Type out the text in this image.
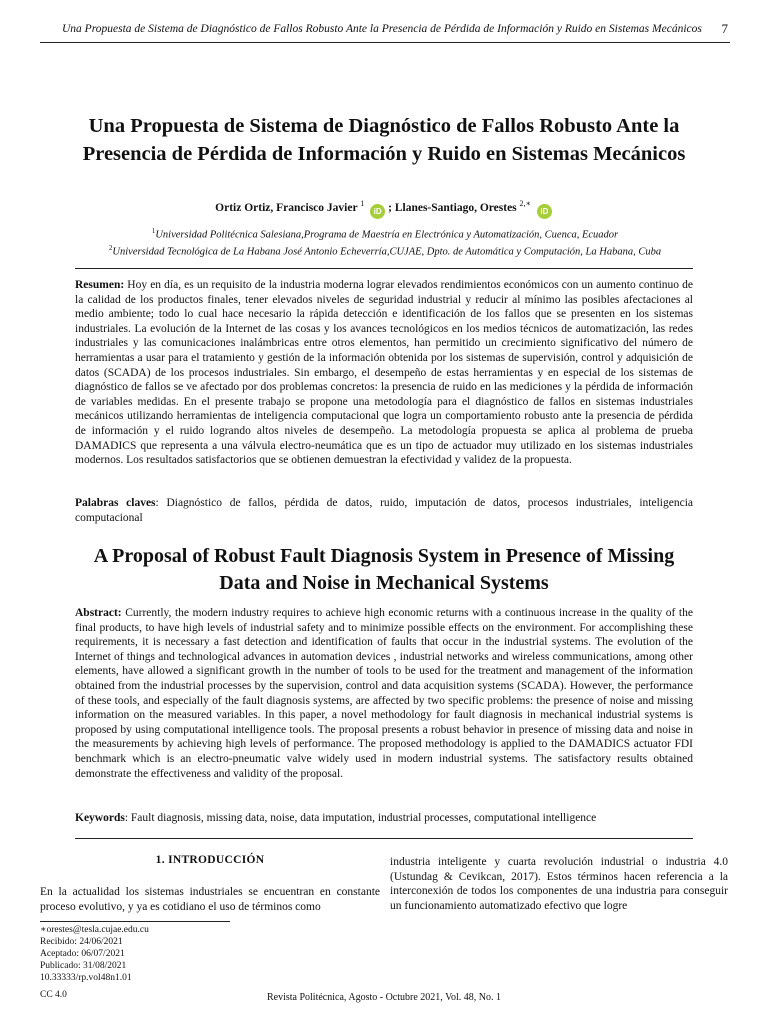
Una Propuesta de Sistema de Diagnóstico de Fallos Robusto Ante la Presencia de Pérdida de Información y Ruido en Sistemas Mecánicos 7
Una Propuesta de Sistema de Diagnóstico de Fallos Robusto Ante la Presencia de Pérdida de Información y Ruido en Sistemas Mecánicos
Ortiz Ortiz, Francisco Javier $^1$ iD ; Llanes-Santiago, Orestes $^{2,∗}$ iD
$^1$Universidad Politécnica Salesiana,Programa de Maestría en Electrónica y Automatización, Cuenca, Ecuador
$^2$Universidad Tecnológica de La Habana José Antonio Echeverría,CUJAE, Dpto. de Automática y Computación, La Habana, Cuba
Resumen: Hoy en día, es un requisito de la industria moderna lograr elevados rendimientos económicos con un aumento continuo de la calidad de los productos finales, tener elevados niveles de seguridad industrial y reducir al mínimo las posibles afectaciones al medio ambiente; todo lo cual hace necesario la rápida detección e identificación de los fallos que se presenten en los sistemas industriales. La evolución de la Internet de las cosas y los avances tecnológicos en los medios técnicos de automatización, las redes industriales y las comunicaciones inalámbricas entre otros elementos, han permitido un crecimiento significativo del número de herramientas a usar para el tratamiento y gestión de la información obtenida por los sistemas de supervisión, control y adquisición de datos (SCADA) de los procesos industriales. Sin embargo, el desempeño de estas herramientas y en especial de los sistemas de diagnóstico de fallos se ve afectado por dos problemas concretos: la presencia de ruido en las mediciones y la pérdida de información de variables medidas. En el presente trabajo se propone una metodología para el diagnóstico de fallos en sistemas industriales mecánicos utilizando herramientas de inteligencia computacional que logra un comportamiento robusto ante la presencia de pérdida de información y el ruido logrando altos niveles de desempeño. La metodología propuesta se aplica al problema de prueba DAMADICS que representa a una válvula electro-neumática que es un tipo de actuador muy utilizado en los sistemas industriales modernos. Los resultados satisfactorios que se obtienen demuestran la efectividad y validez de la propuesta.
Palabras claves: Diagnóstico de fallos, pérdida de datos, ruido, imputación de datos, procesos industriales, inteligencia computacional
A Proposal of Robust Fault Diagnosis System in Presence of Missing Data and Noise in Mechanical Systems
Abstract: Currently, the modern industry requires to achieve high economic returns with a continuous increase in the quality of the final products, to have high levels of industrial safety and to minimize possible effects on the environment. For accomplishing these requirements, it is necessary a fast detection and identification of faults that occur in the industrial systems. The evolution of the Internet of things and technological advances in automation devices , industrial networks and wireless communications, among other elements, have allowed a significant growth in the number of tools to be used for the treatment and management of the information obtained from the industrial processes by the supervision, control and data acquisition systems (SCADA). However, the performance of these tools, and especially of the fault diagnosis systems, are affected by two specific problems: the presence of noise and missing information on the measured variables. In this paper, a novel methodology for fault diagnosis in mechanical industrial systems is proposed by using computational intelligence tools. The proposal presents a robust behavior in presence of missing data and noise in the measurements by achieving high levels of performance. The proposed methodology is applied to the DAMADICS actuator FDI benchmark which is an electro-pneumatic valve widely used in modern industrial systems. The satisfactory results obtained demonstrate the effectiveness and validity of the proposal.
Keywords: Fault diagnosis, missing data, noise, data imputation, industrial processes, computational intelligence
1. INTRODUCCIÓN
En la actualidad los sistemas industriales se encuentran en constante proceso evolutivo, y ya es cotidiano el uso de términos como
industria inteligente y cuarta revolución industrial o industria 4.0 (Ustundag & Cevikcan, 2017). Estos términos hacen referencia a la interconexión de todos los componentes de una industria para conseguir un funcionamiento automatizado efectivo que logre
∗orestes@tesla.cujae.edu.cu
Recibido: 24/06/2021
Aceptado: 06/07/2021
Publicado: 31/08/2021
10.33333/rp.vol48n1.01
CC 4.0	Revista Politécnica, Agosto - Octubre 2021, Vol. 48, No. 1
